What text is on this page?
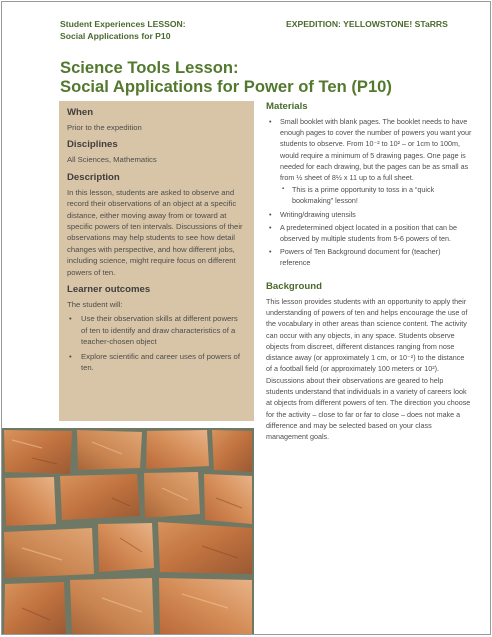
Student Experiences LESSON:
Social Applications for P10
EXPEDITION: YELLOWSTONE! STaRRS
Science Tools Lesson:
Social Applications for Power of Ten (P10)
When
Prior to the expedition
Disciplines
All Sciences, Mathematics
Description
In this lesson, students are asked to observe and record their observations of an object at a specific distance, either moving away from or toward at specific powers of ten intervals. Discussions of their observations may help students to see how detail changes with perspective, and how different jobs, including science, might require focus on different powers of ten.
Learner outcomes
The student will:
• Use their observation skills at different powers of ten to identify and draw characteristics of a teacher-chosen object
• Explore scientific and career uses of powers of ten.
Materials
• Small booklet with blank pages. The booklet needs to have enough pages to cover the number of powers you want your students to observe. From 10⁻² to 10² – or 1cm to 100m, would require a minimum of 5 drawing pages. One page is needed for each drawing, but the pages can be as small as from ½ sheet of 8½ x 11 up to a full sheet.
▪ This is a prime opportunity to toss in a “quick bookmaking” lesson!
• Writing/drawing utensils
• A predetermined object located in a position that can be observed by multiple students from 5-6 powers of ten.
• Powers of Ten Background document for (teacher) reference
Background

This lesson provides students with an opportunity to apply their understanding of powers of ten and helps encourage the use of the vocabulary in other areas than science content. The activity can occur with any objects, in any space. Students observe objects from discreet, different distances ranging from nose distance away (or approximately 1 cm, or 10⁻²) to the distance of a football field (or approximately 100 meters or 10²). Discussions about their observations are geared to help students understand that individuals in a variety of careers look at objects from different powers of ten. The direction you choose for the activity – close to far or far to close – does not make a difference and may be selected based on your class management goals.
